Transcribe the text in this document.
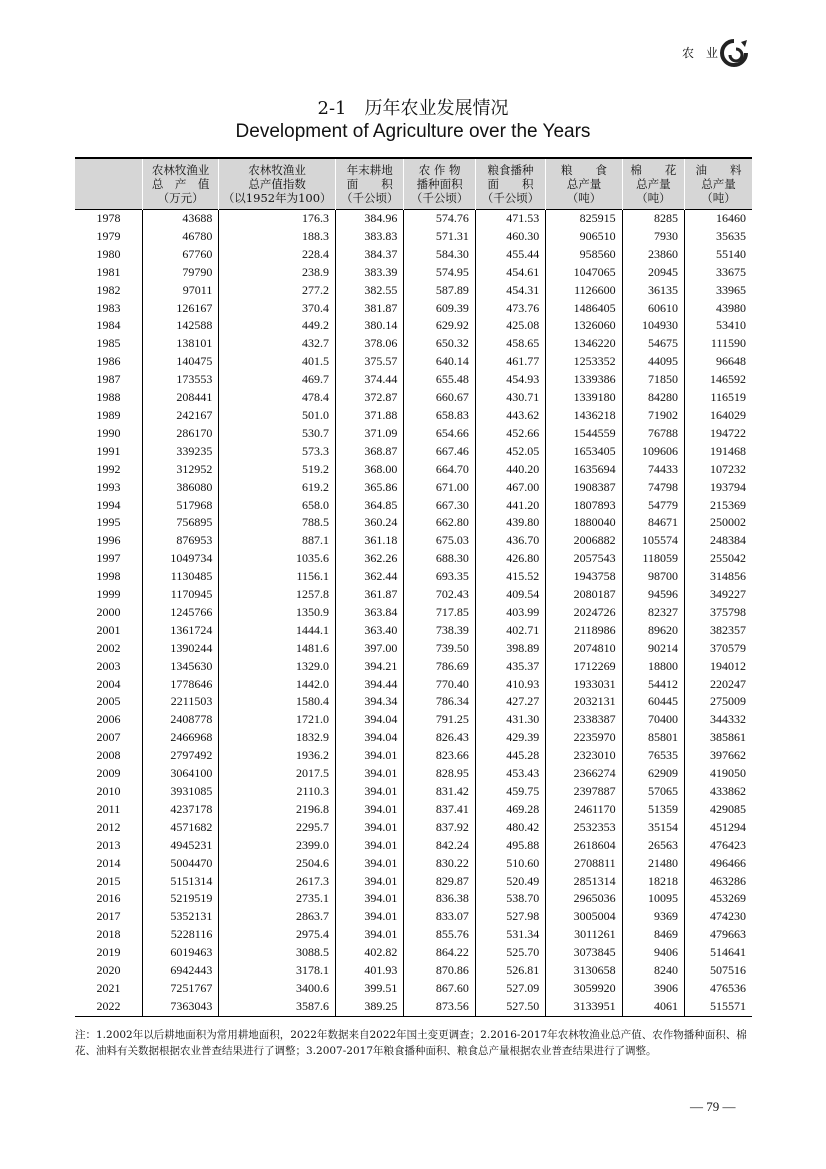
农 业
2-1　历年农业发展情况
Development of Agriculture over the Years
	农林牧渔业
总　产　值
（万元）	农林牧渔业
总产值指数
（以1952年为100）	年末耕地
面　　积
（千公顷）	农 作 物
播种面积
（千公顷）	粮食播种
面　　积
（千公顷）	粮　　食
总产量
（吨）	棉　　花
总产量
（吨）	油　　料
总产量
（吨）
1978	43688	176.3	384.96	574.76	471.53	825915	8285	16460
1979	46780	188.3	383.83	571.31	460.30	906510	7930	35635
1980	67760	228.4	384.37	584.30	455.44	958560	23860	55140
1981	79790	238.9	383.39	574.95	454.61	1047065	20945	33675
1982	97011	277.2	382.55	587.89	454.31	1126600	36135	33965
1983	126167	370.4	381.87	609.39	473.76	1486405	60610	43980
1984	142588	449.2	380.14	629.92	425.08	1326060	104930	53410
1985	138101	432.7	378.06	650.32	458.65	1346220	54675	111590
1986	140475	401.5	375.57	640.14	461.77	1253352	44095	96648
1987	173553	469.7	374.44	655.48	454.93	1339386	71850	146592
1988	208441	478.4	372.87	660.67	430.71	1339180	84280	116519
1989	242167	501.0	371.88	658.83	443.62	1436218	71902	164029
1990	286170	530.7	371.09	654.66	452.66	1544559	76788	194722
1991	339235	573.3	368.87	667.46	452.05	1653405	109606	191468
1992	312952	519.2	368.00	664.70	440.20	1635694	74433	107232
1993	386080	619.2	365.86	671.00	467.00	1908387	74798	193794
1994	517968	658.0	364.85	667.30	441.20	1807893	54779	215369
1995	756895	788.5	360.24	662.80	439.80	1880040	84671	250002
1996	876953	887.1	361.18	675.03	436.70	2006882	105574	248384
1997	1049734	1035.6	362.26	688.30	426.80	2057543	118059	255042
1998	1130485	1156.1	362.44	693.35	415.52	1943758	98700	314856
1999	1170945	1257.8	361.87	702.43	409.54	2080187	94596	349227
2000	1245766	1350.9	363.84	717.85	403.99	2024726	82327	375798
2001	1361724	1444.1	363.40	738.39	402.71	2118986	89620	382357
2002	1390244	1481.6	397.00	739.50	398.89	2074810	90214	370579
2003	1345630	1329.0	394.21	786.69	435.37	1712269	18800	194012
2004	1778646	1442.0	394.44	770.40	410.93	1933031	54412	220247
2005	2211503	1580.4	394.34	786.34	427.27	2032131	60445	275009
2006	2408778	1721.0	394.04	791.25	431.30	2338387	70400	344332
2007	2466968	1832.9	394.04	826.43	429.39	2235970	85801	385861
2008	2797492	1936.2	394.01	823.66	445.28	2323010	76535	397662
2009	3064100	2017.5	394.01	828.95	453.43	2366274	62909	419050
2010	3931085	2110.3	394.01	831.42	459.75	2397887	57065	433862
2011	4237178	2196.8	394.01	837.41	469.28	2461170	51359	429085
2012	4571682	2295.7	394.01	837.92	480.42	2532353	35154	451294
2013	4945231	2399.0	394.01	842.24	495.88	2618604	26563	476423
2014	5004470	2504.6	394.01	830.22	510.60	2708811	21480	496466
2015	5151314	2617.3	394.01	829.87	520.49	2851314	18218	463286
2016	5219519	2735.1	394.01	836.38	538.70	2965036	10095	453269
2017	5352131	2863.7	394.01	833.07	527.98	3005004	9369	474230
2018	5228116	2975.4	394.01	855.76	531.34	3011261	8469	479663
2019	6019463	3088.5	402.82	864.22	525.70	3073845	9406	514641
2020	6942443	3178.1	401.93	870.86	526.81	3130658	8240	507516
2021	7251767	3400.6	399.51	867.60	527.09	3059920	3906	476536
2022	7363043	3587.6	389.25	873.56	527.50	3133951	4061	515571
注：1.2002年以后耕地面积为常用耕地面积，2022年数据来自2022年国土变更调查；2.2016-2017年农林牧渔业总产值、农作物播种面积、棉花、油料有关数据根据农业普查结果进行了调整；3.2007-2017年粮食播种面积、粮食总产量根据农业普查结果进行了调整。
— 79 —
